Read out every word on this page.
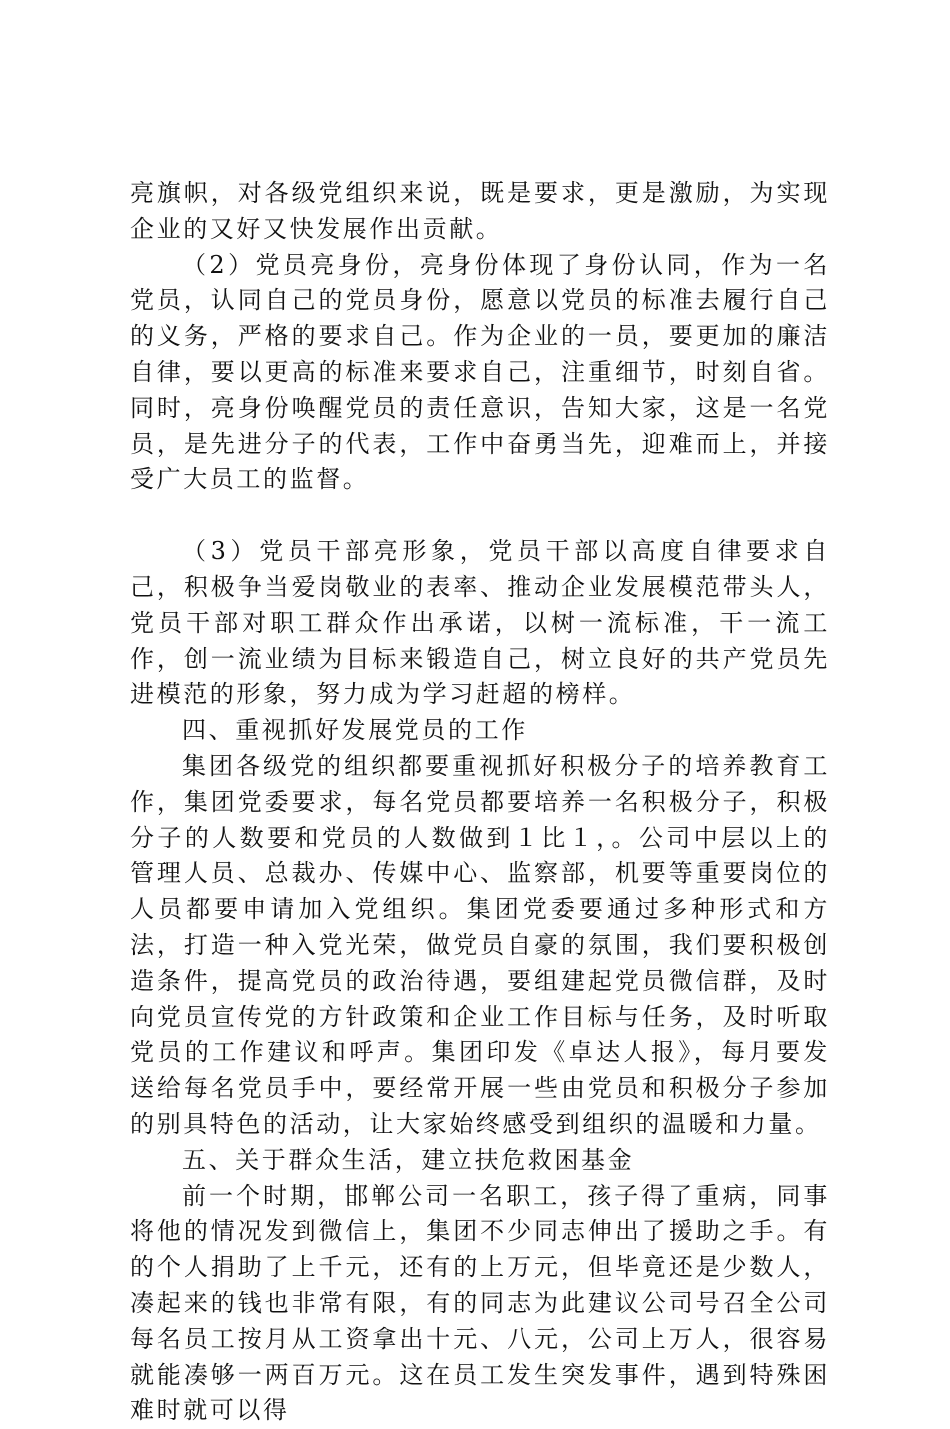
亮旗帜，对各级党组织来说，既是要求，更是激励，为实现企业的又好又快发展作出贡献。

（2）党员亮身份，亮身份体现了身份认同，作为一名党员，认同自己的党员身份，愿意以党员的标准去履行自己的义务，严格的要求自己。作为企业的一员，要更加的廉洁自律，要以更高的标准来要求自己，注重细节，时刻自省。同时，亮身份唤醒党员的责任意识，告知大家，这是一名党员，是先进分子的代表，工作中奋勇当先，迎难而上，并接受广大员工的监督。

（3）党员干部亮形象，党员干部以高度自律要求自己，积极争当爱岗敬业的表率、推动企业发展模范带头人，党员干部对职工群众作出承诺，以树一流标准，干一流工作，创一流业绩为目标来锻造自己，树立良好的共产党员先进模范的形象，努力成为学习赶超的榜样。

四、重视抓好发展党员的工作

集团各级党的组织都要重视抓好积极分子的培养教育工作，集团党委要求，每名党员都要培养一名积极分子，积极分子的人数要和党员的人数做到１比１，。公司中层以上的管理人员、总裁办、传媒中心、监察部，机要等重要岗位的人员都要申请加入党组织。集团党委要通过多种形式和方法，打造一种入党光荣，做党员自豪的氛围，我们要积极创造条件，提高党员的政治待遇，要组建起党员微信群，及时向党员宣传党的方针政策和企业工作目标与任务，及时听取党员的工作建议和呼声。集团印发《卓达人报》，每月要发送给每名党员手中，要经常开展一些由党员和积极分子参加的别具特色的活动，让大家始终感受到组织的温暖和力量。

五、关于群众生活，建立扶危救困基金

前一个时期，邯郸公司一名职工，孩子得了重病，同事将他的情况发到微信上，集团不少同志伸出了援助之手。有的个人捐助了上千元，还有的上万元，但毕竟还是少数人，凑起来的钱也非常有限，有的同志为此建议公司号召全公司每名员工按月从工资拿出十元、八元，公司上万人，很容易就能凑够一两百万元。这在员工发生突发事件，遇到特殊困难时就可以得
